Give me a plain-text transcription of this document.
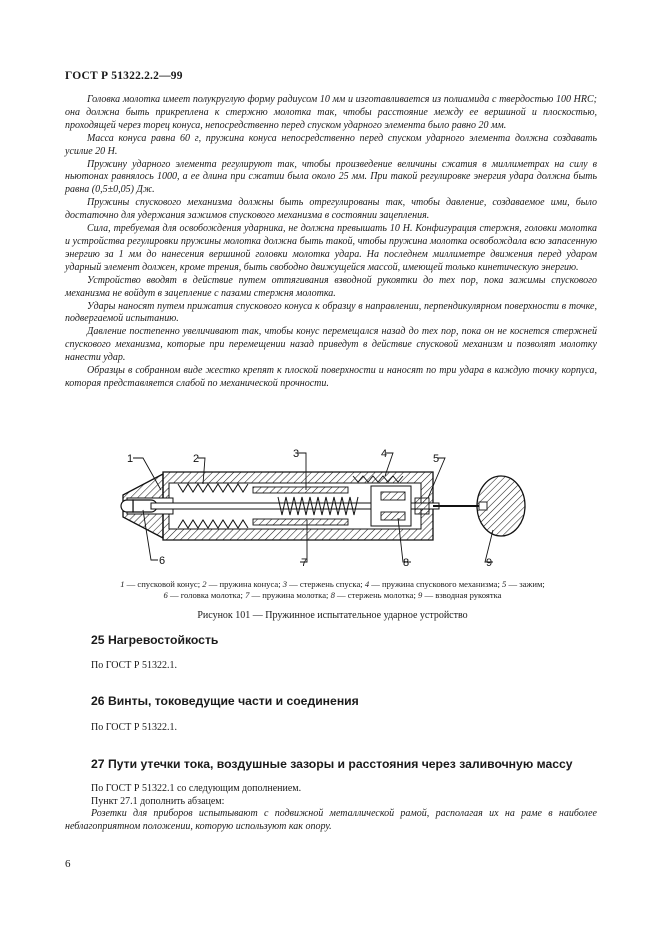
ГОСТ Р 51322.2.2—99

Головка молотка имеет полукруглую форму радиусом 10 мм и изготавливается из полиамида с твердостью 100 HRC; она должна быть прикреплена к стержню молотка так, чтобы расстояние между ее вершиной и плоскостью, проходящей через торец конуса, непосредственно перед спуском ударного элемента было равно 20 мм.

Масса конуса равна 60 г, пружина конуса непосредственно перед спуском ударного элемента должна создавать усилие 20 Н.

Пружину ударного элемента регулируют так, чтобы произведение величины сжатия в миллиметрах на силу в ньютонах равнялось 1000, а ее длина при сжатии была около 25 мм. При такой регулировке энергия удара должна быть равна (0,5±0,05) Дж.

Пружины спускового механизма должны быть отрегулированы так, чтобы давление, создаваемое ими, было достаточно для удержания зажимов спускового механизма в состоянии зацепления.

Сила, требуемая для освобождения ударника, не должна превышать 10 Н. Конфигурация стержня, головки молотка и устройства регулировки пружины молотка должна быть такой, чтобы пружина молотка освобождала всю запасенную энергию за 1 мм до нанесения вершиной головки молотка удара. На последнем миллиметре движения перед ударом ударный элемент должен, кроме трения, быть свободно движущейся массой, имеющей только кинетическую энергию.

Устройство вводят в действие путем оттягивания взводной рукоятки до тех пор, пока зажимы спускового механизма не войдут в зацепление с пазами стержня молотка.

Удары наносят путем прижатия спускового конуса к образцу в направлении, перпендикулярном поверхности в точке, подвергаемой испытанию.

Давление постепенно увеличивают так, чтобы конус перемещался назад до тех пор, пока он не коснется стержней спускового механизма, которые при перемещении назад приведут в действие спусковой механизм и позволят молотку нанести удар.

Образцы в собранном виде жестко крепят к плоской поверхности и наносят по три удара в каждую точку корпуса, которая представляется слабой по механической прочности.

1	2	3	4	5
6	7	8	9
1 — спусковой конус; 2 — пружина конуса; 3 — стержень спуска; 4 — пружина спускового механизма; 5 — зажим;
6 — головка молотка; 7 — пружина молотка; 8 — стержень молотка; 9 — взводная рукоятка
Рисунок 101 — Пружинное испытательное ударное устройство
25 Нагревостойкость
По ГОСТ Р 51322.1.
26 Винты, токоведущие части и соединения
По ГОСТ Р 51322.1.
27 Пути утечки тока, воздушные зазоры и расстояния через заливочную массу

По ГОСТ Р 51322.1 со следующим дополнением.

Пункт 27.1 дополнить абзацем:

Розетки для приборов испытывают с подвижной металлической рамой, располагая их на раме в наиболее неблагоприятном положении, которую используют как опору.

6
